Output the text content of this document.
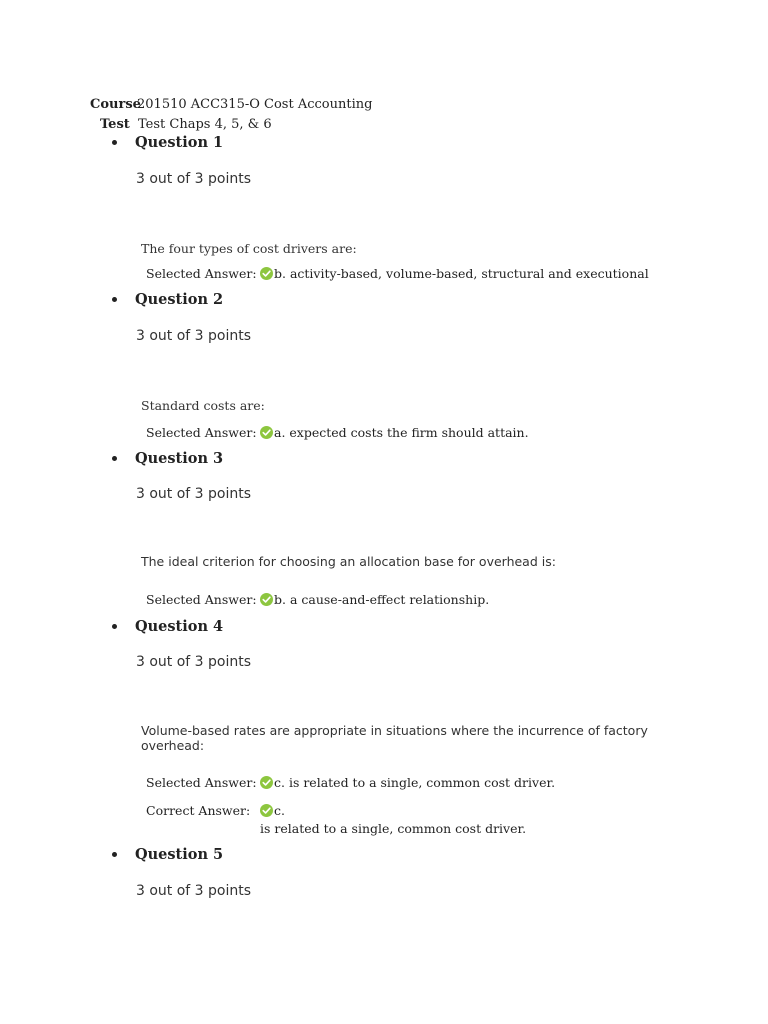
Course
201510 ACC315-O Cost Accounting
Test Test Chaps 4, 5, & 6
Question 1
3 out of 3 points
The four types of cost drivers are:
Selected Answer: b. activity-based, volume-based, structural and executional
Question 2
3 out of 3 points
Standard costs are:
Selected Answer: a. expected costs the firm should attain.
Question 3
3 out of 3 points
The ideal criterion for choosing an allocation base for overhead is:
Selected Answer: b. a cause-and-effect relationship.
Question 4
3 out of 3 points
Volume-based rates are appropriate in situations where the incurrence of factory overhead:
Selected Answer: c. is related to a single, common cost driver.
Correct Answer:	c.
is related to a single, common cost driver.
Question 5
3 out of 3 points
